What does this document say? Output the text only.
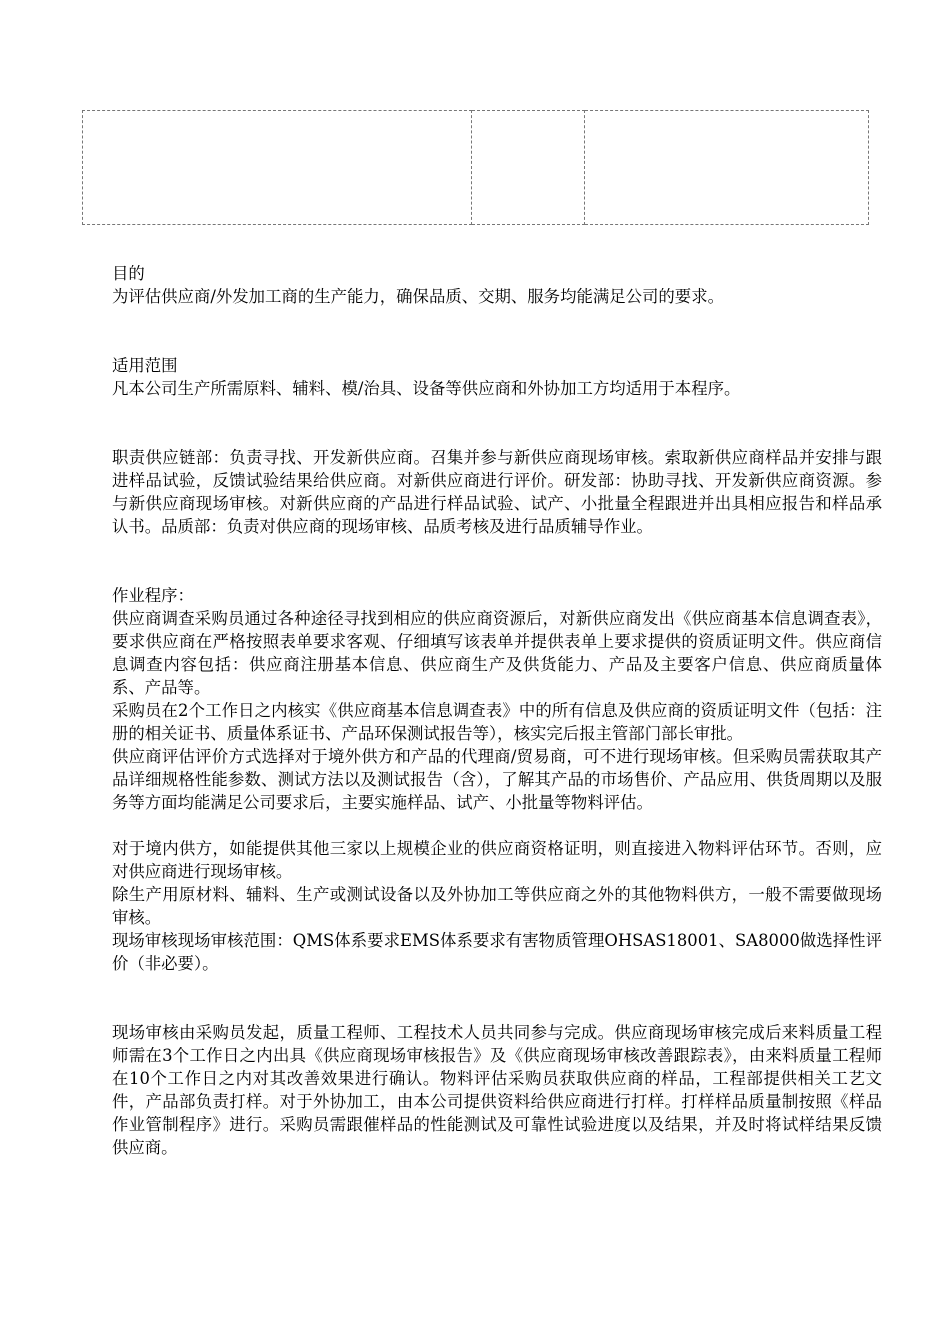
目的

为评估供应商/外发加工商的生产能力，确保品质、交期、服务均能满足公司的要求。

适用范围

凡本公司生产所需原料、辅料、模/治具、设备等供应商和外协加工方均适用于本程序。

职责供应链部：负责寻找、开发新供应商。召集并参与新供应商现场审核。索取新供应商样品并安排与跟进样品试验，反馈试验结果给供应商。对新供应商进行评价。研发部：协助寻找、开发新供应商资源。参与新供应商现场审核。对新供应商的产品进行样品试验、试产、小批量全程跟进并出具相应报告和样品承认书。品质部：负责对供应商的现场审核、品质考核及进行品质辅导作业。

作业程序：

供应商调查采购员通过各种途径寻找到相应的供应商资源后，对新供应商发出《供应商基本信息调查表》，要求供应商在严格按照表单要求客观、仔细填写该表单并提供表单上要求提供的资质证明文件。供应商信息调查内容包括：供应商注册基本信息、供应商生产及供货能力、产品及主要客户信息、供应商质量体系、产品等。

采购员在2个工作日之内核实《供应商基本信息调查表》中的所有信息及供应商的资质证明文件（包括：注册的相关证书、质量体系证书、产品环保测试报告等），核实完后报主管部门部长审批。

供应商评估评价方式选择对于境外供方和产品的代理商/贸易商，可不进行现场审核。但采购员需获取其产品详细规格性能参数、测试方法以及测试报告（含），了解其产品的市场售价、产品应用、供货周期以及服务等方面均能满足公司要求后，主要实施样品、试产、小批量等物料评估。

对于境内供方，如能提供其他三家以上规模企业的供应商资格证明，则直接进入物料评估环节。否则，应对供应商进行现场审核。

除生产用原材料、辅料、生产或测试设备以及外协加工等供应商之外的其他物料供方，一般不需要做现场审核。

现场审核现场审核范围：QMS体系要求EMS体系要求有害物质管理OHSAS18001、SA8000做选择性评价（非必要）。

现场审核由采购员发起，质量工程师、工程技术人员共同参与完成。供应商现场审核完成后来料质量工程师需在3个工作日之内出具《供应商现场审核报告》及《供应商现场审核改善跟踪表》，由来料质量工程师在10个工作日之内对其改善效果进行确认。物料评估采购员获取供应商的样品，工程部提供相关工艺文件，产品部负责打样。对于外协加工，由本公司提供资料给供应商进行打样。打样样品质量制按照《样品作业管制程序》进行。采购员需跟催样品的性能测试及可靠性试验进度以及结果，并及时将试样结果反馈供应商。
